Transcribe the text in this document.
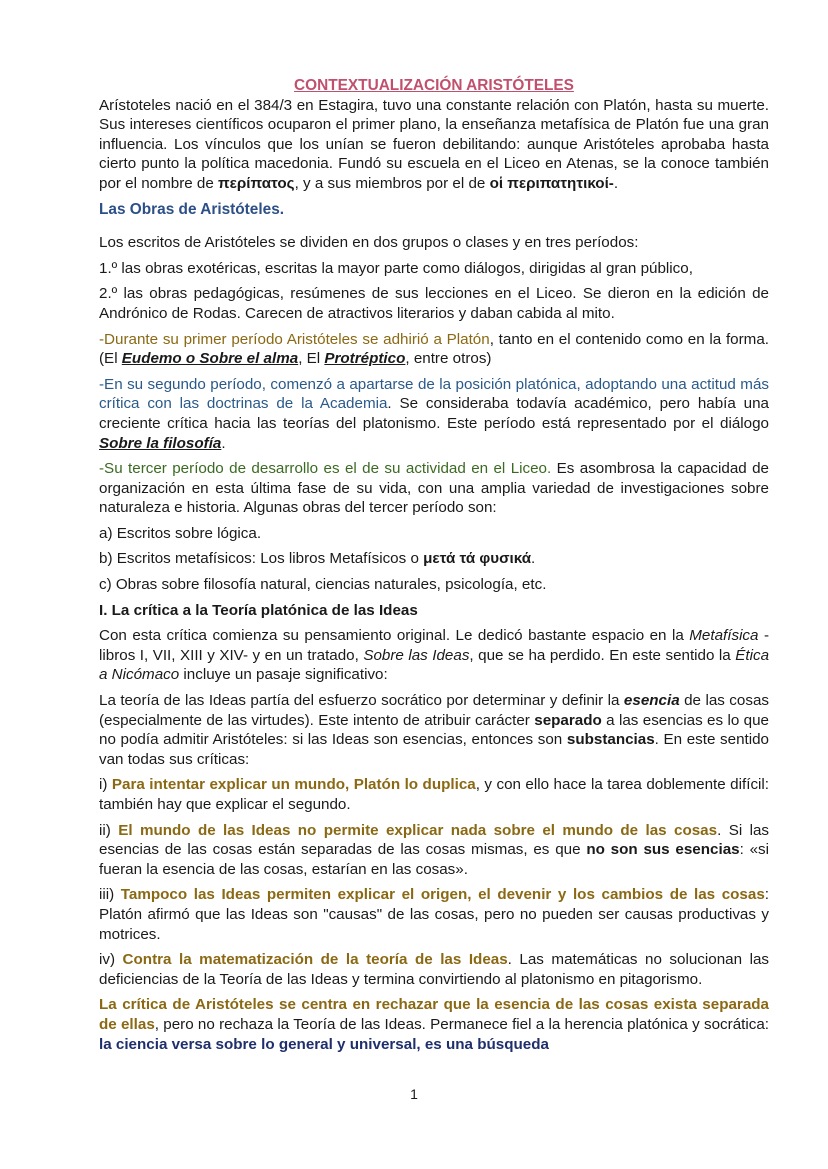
CONTEXTUALIZACIÓN ARISTÓTELES

Arístoteles nació en el 384/3 en Estagira, tuvo una constante relación con Platón, hasta su muerte. Sus intereses científicos ocuparon el primer plano, la enseñanza metafísica de Platón fue una gran influencia. Los vínculos que los unían se fueron debilitando: aunque Aristóteles aprobaba hasta cierto punto la política macedonia. Fundó su escuela en el Liceo en Atenas, se la conoce también por el nombre de περίπατος, y a sus miembros por el de οἱ περιπατητικοί-.

Las Obras de Aristóteles.

Los escritos de Aristóteles se dividen en dos grupos o clases y en tres períodos:

1.º las obras exotéricas, escritas la mayor parte como diálogos, dirigidas al gran público,

2.º las obras pedagógicas, resúmenes de sus lecciones en el Liceo. Se dieron en la edición de Andrónico de Rodas. Carecen de atractivos literarios y daban cabida al mito.

-Durante su primer período Aristóteles se adhirió a Platón, tanto en el contenido como en la forma. (El Eudemo o Sobre el alma, El Protréptico, entre otros)

-En su segundo período, comenzó a apartarse de la posición platónica, adoptando una actitud más crítica con las doctrinas de la Academia. Se consideraba todavía académico, pero había una creciente crítica hacia las teorías del platonismo. Este período está representado por el diálogo Sobre la filosofía.

-Su tercer período de desarrollo es el de su actividad en el Liceo. Es asombrosa la capacidad de organización en esta última fase de su vida, con una amplia variedad de investigaciones sobre naturaleza e historia. Algunas obras del tercer período son:

a) Escritos sobre lógica.

b) Escritos metafísicos: Los libros Metafísicos o μετά τά φυσικά.

c) Obras sobre filosofía natural, ciencias naturales, psicología, etc.

I. La crítica a la Teoría platónica de las Ideas

Con esta crítica comienza su pensamiento original. Le dedicó bastante espacio en la Metafísica -libros I, VII, XIII y XIV- y en un tratado, Sobre las Ideas, que se ha perdido. En este sentido la Ética a Nicómaco incluye un pasaje significativo:

La teoría de las Ideas partía del esfuerzo socrático por determinar y definir la esencia de las cosas (especialmente de las virtudes). Este intento de atribuir carácter separado a las esencias es lo que no podía admitir Aristóteles: si las Ideas son esencias, entonces son substancias. En este sentido van todas sus críticas:

i) Para intentar explicar un mundo, Platón lo duplica, y con ello hace la tarea doblemente difícil: también hay que explicar el segundo.

ii) El mundo de las Ideas no permite explicar nada sobre el mundo de las cosas. Si las esencias de las cosas están separadas de las cosas mismas, es que no son sus esencias: «si fueran la esencia de las cosas, estarían en las cosas».

iii) Tampoco las Ideas permiten explicar el origen, el devenir y los cambios de las cosas: Platón afirmó que las Ideas son "causas" de las cosas, pero no pueden ser causas productivas y motrices.

iv) Contra la matematización de la teoría de las Ideas. Las matemáticas no solucionan las deficiencias de la Teoría de las Ideas y termina convirtiendo al platonismo en pitagorismo.

La crítica de Aristóteles se centra en rechazar que la esencia de las cosas exista separada de ellas, pero no rechaza la Teoría de las Ideas. Permanece fiel a la herencia platónica y socrática: la ciencia versa sobre lo general y universal, es una búsqueda

1
